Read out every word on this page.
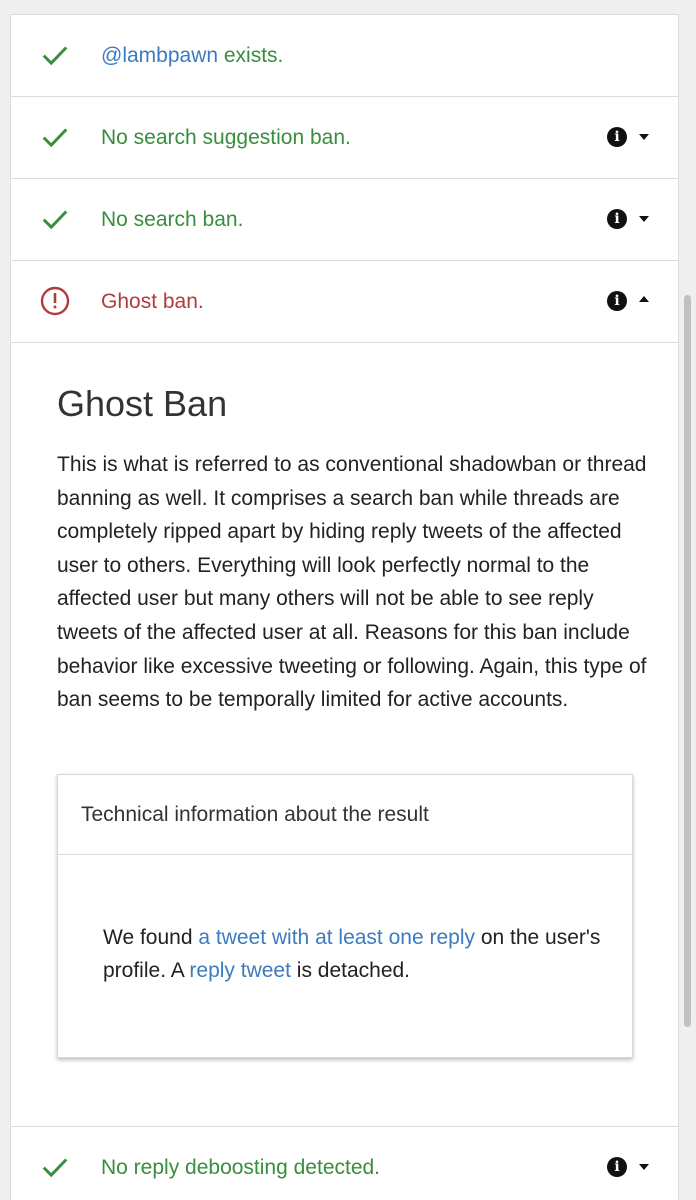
@lambpawn exists.
No search suggestion ban.	i
No search ban.	i
Ghost ban.	i
Ghost Ban

This is what is referred to as conventional shadowban or thread banning as well. It comprises a search ban while threads are completely ripped apart by hiding reply tweets of the affected user to others. Everything will look perfectly normal to the affected user but many others will not be able to see reply tweets of the affected user at all. Reasons for this ban include behavior like excessive tweeting or following. Again, this type of ban seems to be temporally limited for active accounts.

Technical information about the result
We found a tweet with at least one reply on the user's profile. A reply tweet is detached.
No reply deboosting detected.	i
